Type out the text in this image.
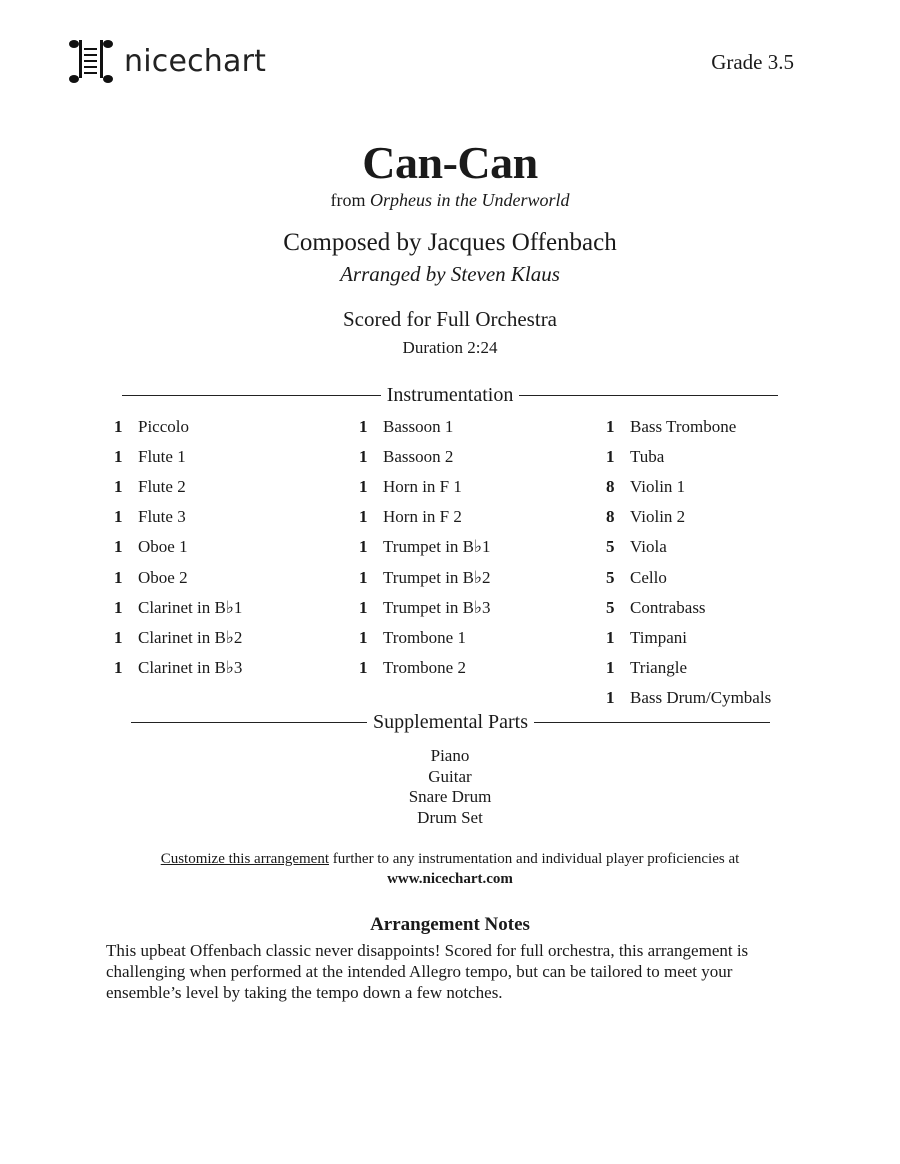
nicechart	Grade 3.5
Can-Can
from Orpheus in the Underworld
Composed by Jacques Offenbach
Arranged by Steven Klaus
Scored for Full Orchestra
Duration 2:24
Instrumentation
1 Piccolo
1 Flute 1
1 Flute 2
1 Flute 3
1 Oboe 1
1 Oboe 2
1 Clarinet in B♭1
1 Clarinet in B♭2
1 Clarinet in B♭3
1 Bassoon 1
1 Bassoon 2
1 Horn in F 1
1 Horn in F 2
1 Trumpet in B♭1
1 Trumpet in B♭2
1 Trumpet in B♭3
1 Trombone 1
1 Trombone 2
1 Bass Trombone
1 Tuba
8 Violin 1
8 Violin 2
5 Viola
5 Cello
5 Contrabass
1 Timpani
1 Triangle
1 Bass Drum/Cymbals
Supplemental Parts
Piano
Guitar
Snare Drum
Drum Set
Customize this arrangement further to any instrumentation and individual player proficiencies at
www.nicechart.com
Arrangement Notes
This upbeat Offenbach classic never disappoints! Scored for full orchestra, this arrangement is challenging when performed at the intended Allegro tempo, but can be tailored to meet your ensemble’s level by taking the tempo down a few notches.
